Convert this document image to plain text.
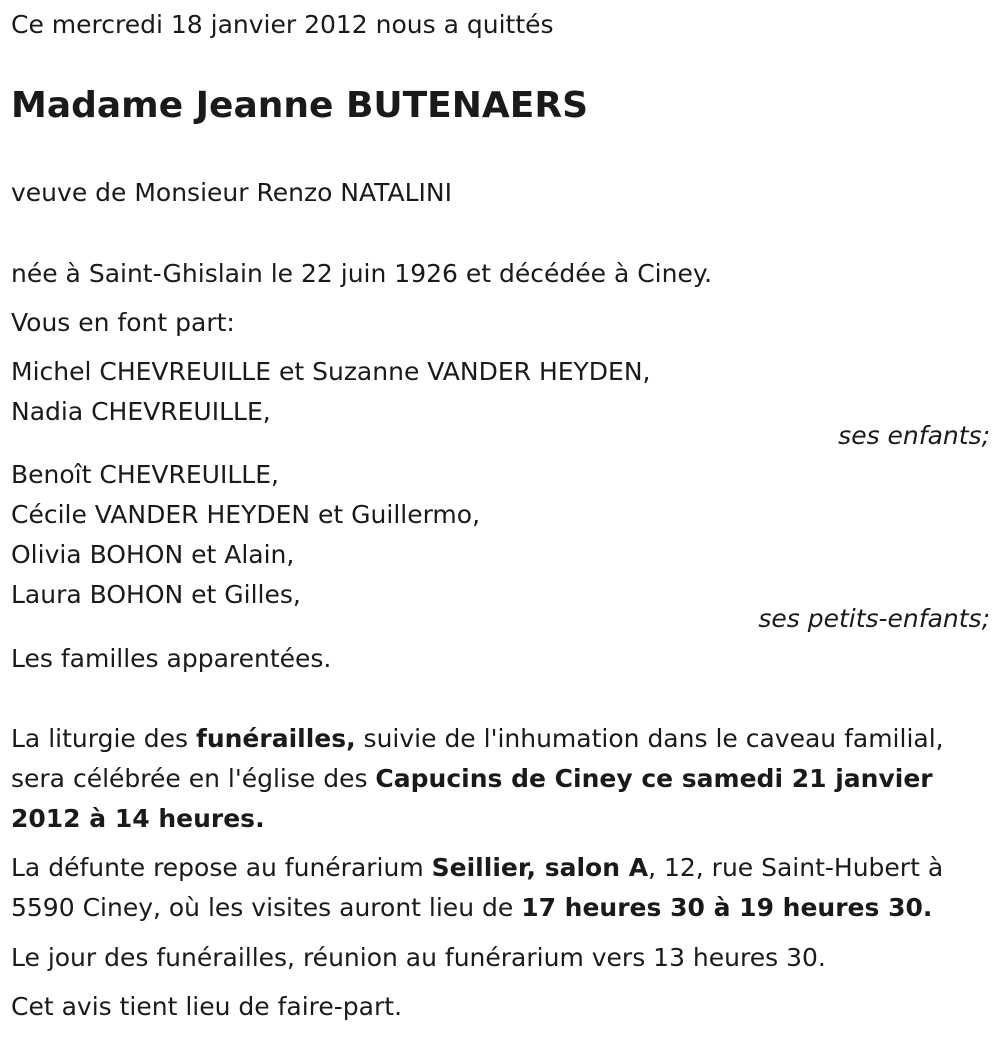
Ce mercredi 18 janvier 2012 nous a quittés
Madame Jeanne BUTENAERS
veuve de Monsieur Renzo NATALINI
née à Saint-Ghislain le 22 juin 1926 et décédée à Ciney.
Vous en font part:
Michel CHEVREUILLE et Suzanne VANDER HEYDEN,
Nadia CHEVREUILLE,
ses enfants;
Benoît CHEVREUILLE,
Cécile VANDER HEYDEN et Guillermo,
Olivia BOHON et Alain,
Laura BOHON et Gilles,
ses petits-enfants;
Les familles apparentées.
La liturgie des funérailles, suivie de l'inhumation dans le caveau familial,
sera célébrée en l'église des Capucins de Ciney ce samedi 21 janvier
2012 à 14 heures.
La défunte repose au funérarium Seillier, salon A, 12, rue Saint-Hubert à
5590 Ciney, où les visites auront lieu de 17 heures 30 à 19 heures 30.
Le jour des funérailles, réunion au funérarium vers 13 heures 30.
Cet avis tient lieu de faire-part.
